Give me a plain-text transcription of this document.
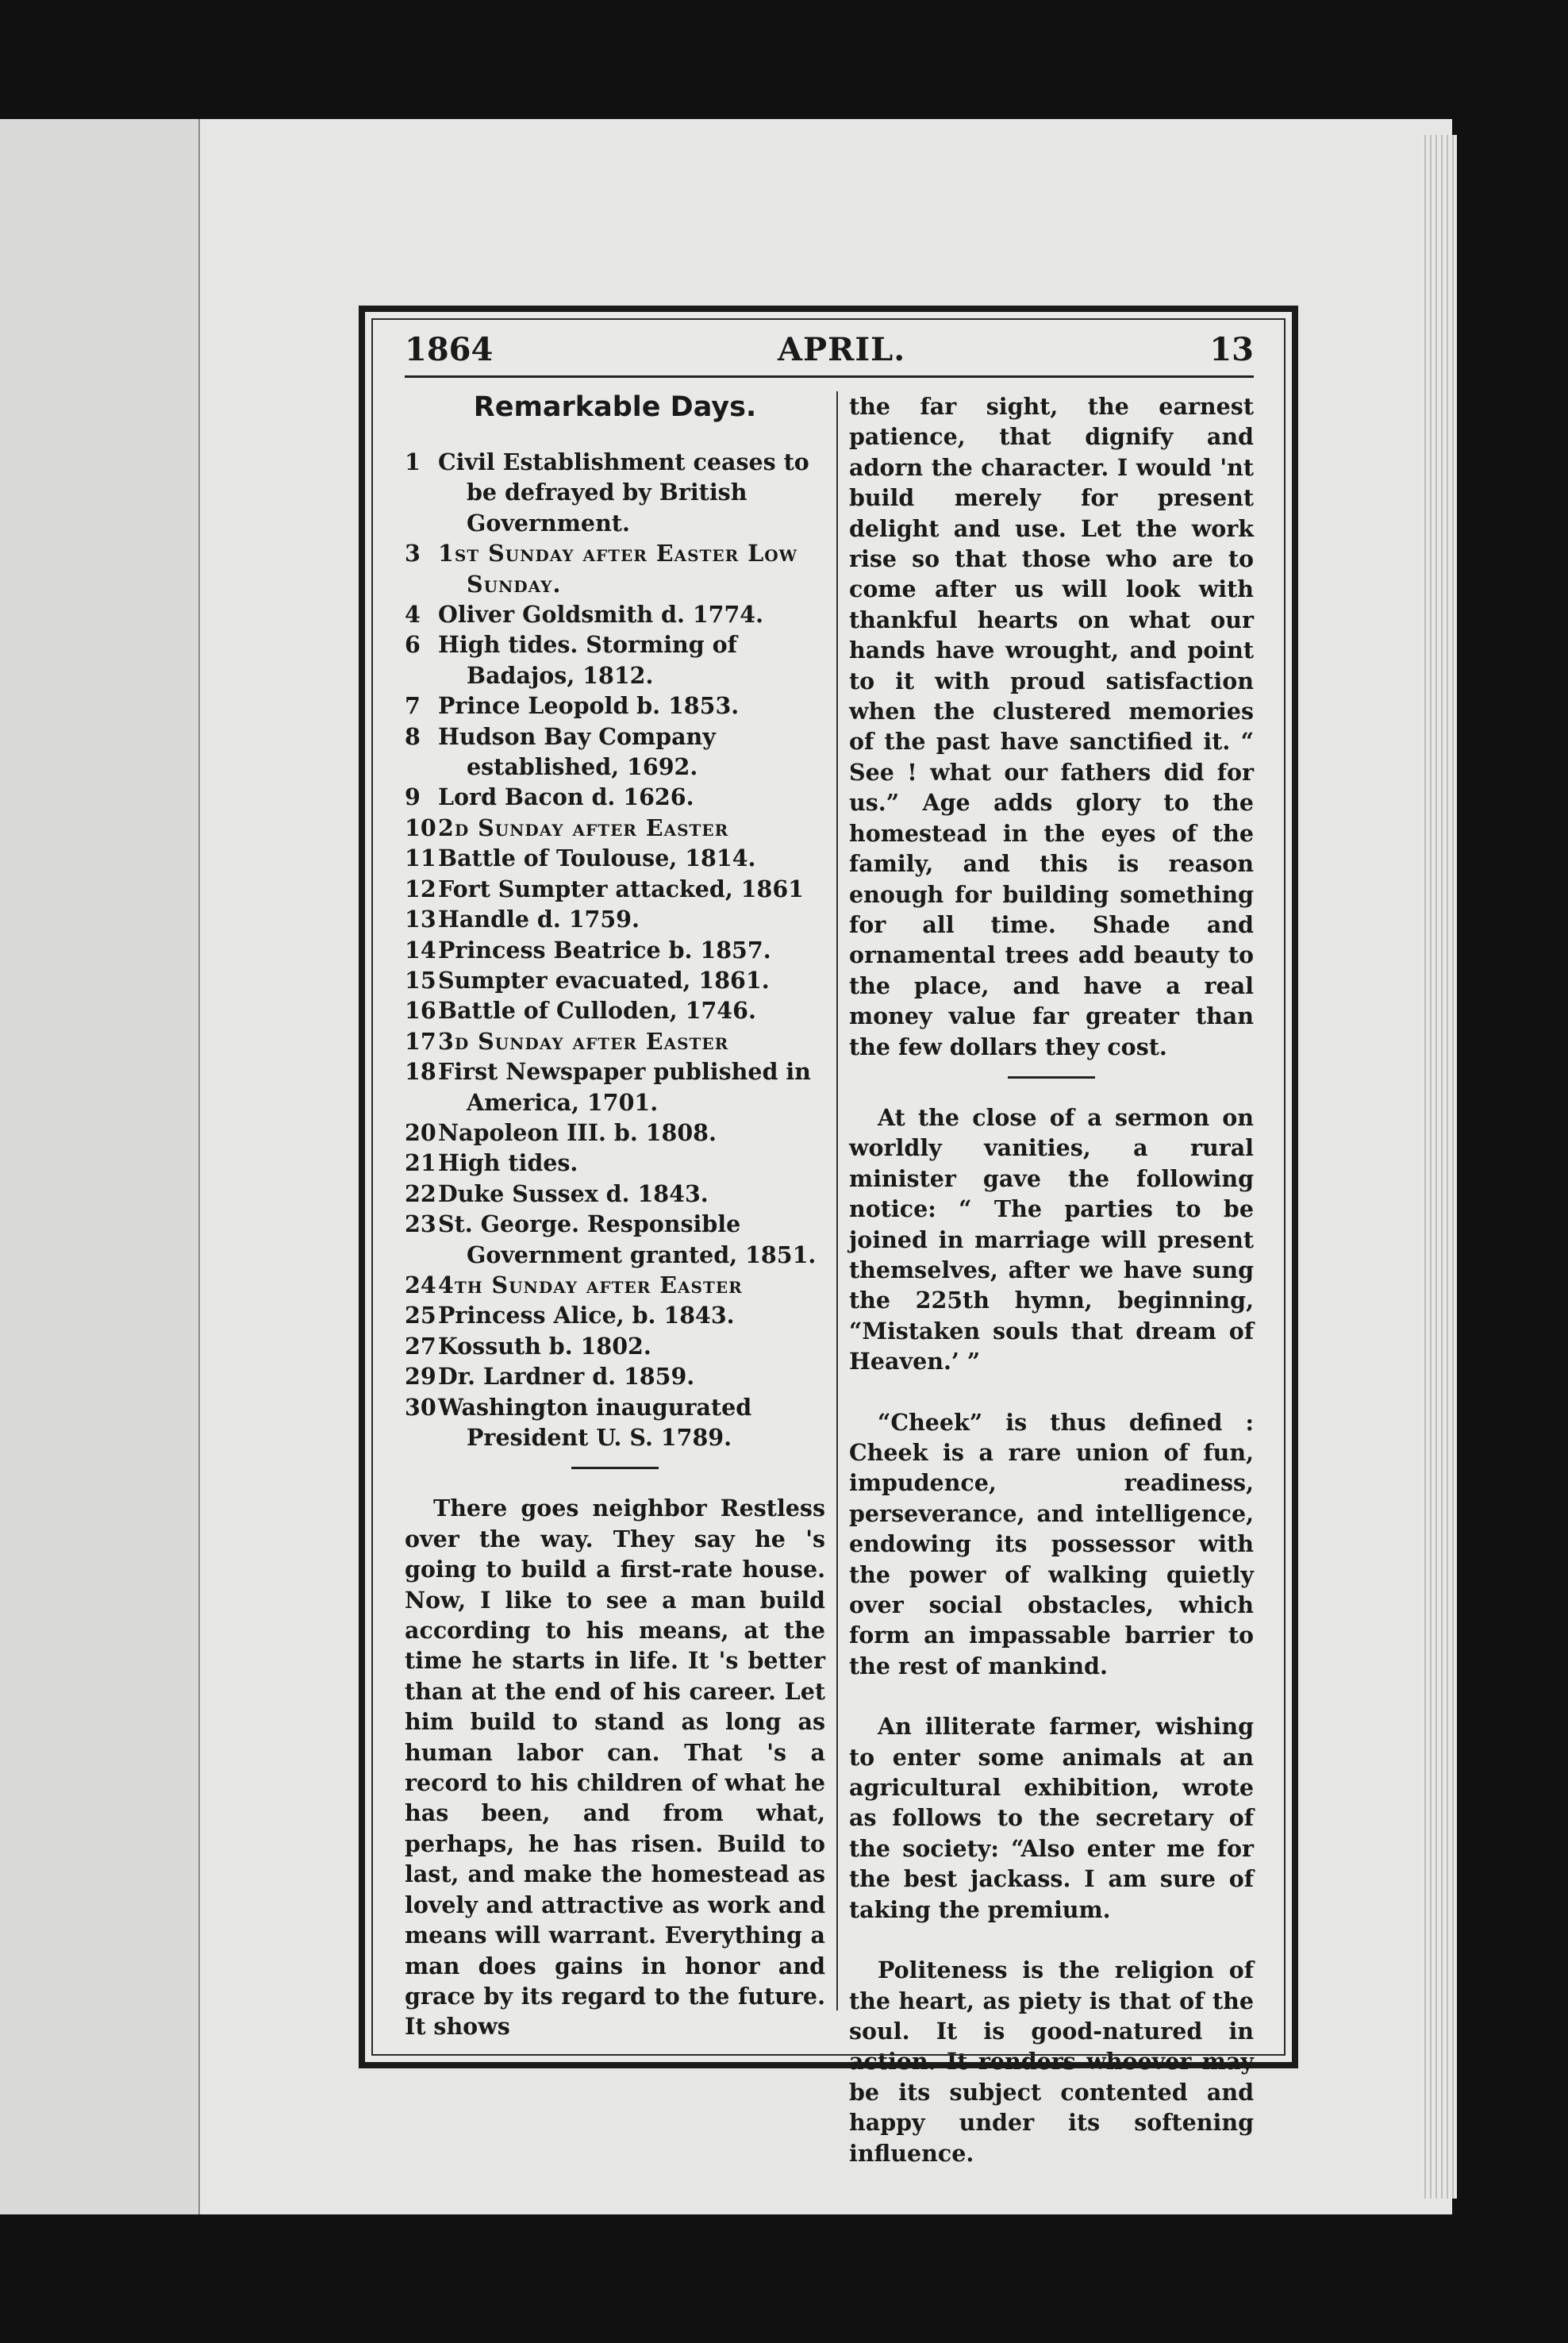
1864	APRIL.	13
Remarkable Days.
1 Civil Establishment ceases to be defrayed by British Government.
3 1st Sunday after Easter Low Sunday.
4 Oliver Goldsmith d. 1774.
6 High tides. Storming of Badajos, 1812.
7 Prince Leopold b. 1853.
8 Hudson Bay Company established, 1692.
9 Lord Bacon d. 1626.
10 2d Sunday after Easter
11 Battle of Toulouse, 1814.
12 Fort Sumpter attacked, 1861
13 Handle d. 1759.
14 Princess Beatrice b. 1857.
15 Sumpter evacuated, 1861.
16 Battle of Culloden, 1746.
17 3d Sunday after Easter
18 First Newspaper published in America, 1701.
20 Napoleon III. b. 1808.
21 High tides.
22 Duke Sussex d. 1843.
23 St. George. Responsible Government granted, 1851.
24 4th Sunday after Easter
25 Princess Alice, b. 1843.
27 Kossuth b. 1802.
29 Dr. Lardner d. 1859.
30 Washington inaugurated President U. S. 1789.

There goes neighbor Restless over the way. They say he 's going to build a first-rate house. Now, I like to see a man build according to his means, at the time he starts in life. It 's better than at the end of his career. Let him build to stand as long as human labor can. That 's a record to his children of what he has been, and from what, perhaps, he has risen. Build to last, and make the homestead as lovely and attractive as work and means will warrant. Everything a man does gains in honor and grace by its regard to the future. It shows

the far sight, the earnest patience, that dignify and adorn the character. I would 'nt build merely for present delight and use. Let the work rise so that those who are to come after us will look with thankful hearts on what our hands have wrought, and point to it with proud satisfaction when the clustered memories of the past have sanctified it. “ See ! what our fathers did for us.” Age adds glory to the homestead in the eyes of the family, and this is reason enough for building something for all time. Shade and ornamental trees add beauty to the place, and have a real money value far greater than the few dollars they cost.

At the close of a sermon on worldly vanities, a rural minister gave the following notice: “ The parties to be joined in marriage will present themselves, after we have sung the 225th hymn, beginning, “Mistaken souls that dream of Heaven.’ ”

“Cheek” is thus defined : Cheek is a rare union of fun, impudence, readiness, perseverance, and intelligence, endowing its possessor with the power of walking quietly over social obstacles, which form an impassable barrier to the rest of mankind.

An illiterate farmer, wishing to enter some animals at an agricultural exhibition, wrote as follows to the secretary of the society: “Also enter me for the best jackass. I am sure of taking the premium.

Politeness is the religion of the heart, as piety is that of the soul. It is good-natured in action. It renders whoever may be its subject contented and happy under its softening influence.
